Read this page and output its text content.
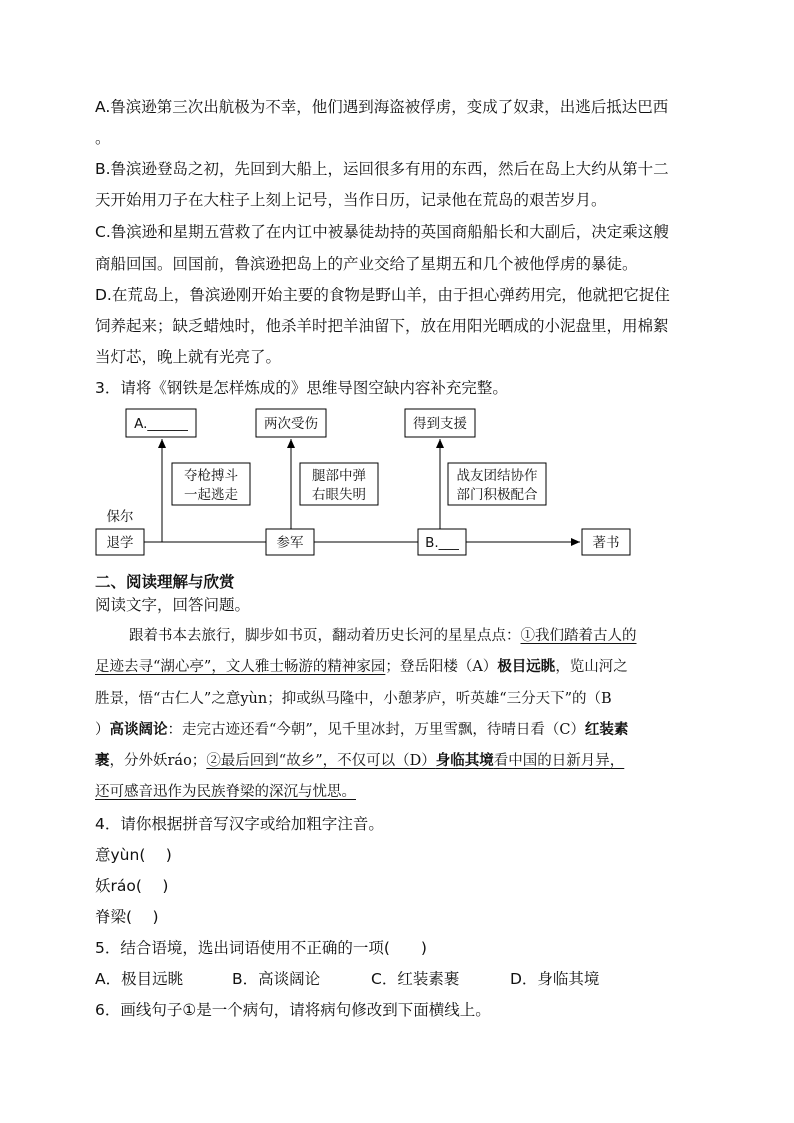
A.鲁滨逊第三次出航极为不幸，他们遇到海盗被俘虏，变成了奴隶，出逃后抵达巴西
。
B.鲁滨逊登岛之初，先回到大船上，运回很多有用的东西，然后在岛上大约从第十二
天开始用刀子在大柱子上刻上记号，当作日历，记录他在荒岛的艰苦岁月。
C.鲁滨逊和星期五营救了在内讧中被暴徒劫持的英国商船船长和大副后，决定乘这艘
商船回国。回国前，鲁滨逊把岛上的产业交给了星期五和几个被他俘虏的暴徒。
D.在荒岛上，鲁滨逊刚开始主要的食物是野山羊，由于担心弹药用完，他就把它捉住
饲养起来；缺乏蜡烛时，他杀羊时把羊油留下，放在用阳光晒成的小泥盘里，用棉絮
当灯芯，晚上就有光亮了。
3．请将《钢铁是怎样炼成的》思维导图空缺内容补充完整。
A.______	两次受伤	得到支援
夺枪搏斗
一起逃走
腿部中弹
右眼失明
战友团结协作
部门积极配合
保尔
退学	参军	B.___	著书
二、阅读理解与欣赏
阅读文字，回答问题。
跟着书本去旅行，脚步如书页，翻动着历史长河的星星点点：①我们踏着古人的
足迹去寻“湖心亭”，文人雅士畅游的精神家园；登岳阳楼（A）极目远眺，览山河之
胜景，悟“古仁人”之意yùn；抑或纵马隆中，小憩茅庐，听英雄“三分天下”的（B
）高谈阔论：走完古迹还看“今朝”，见千里冰封，万里雪飘，待晴日看（C）红装素
裹，分外妖ráo；②最后回到“故乡”，不仅可以（D）身临其境看中国的日新月异，
还可感音迅作为民族脊梁的深沉与忧思。
4．请你根据拼音写汉字或给加粗字注音。
意yùn(　 )
妖ráo(　 )
脊梁(　 )
5．结合语境，选出词语使用不正确的一项(　　)
A．极目远眺	B．高谈阔论	C．红装素裹	D．身临其境
6．画线句子①是一个病句，请将病句修改到下面横线上。
